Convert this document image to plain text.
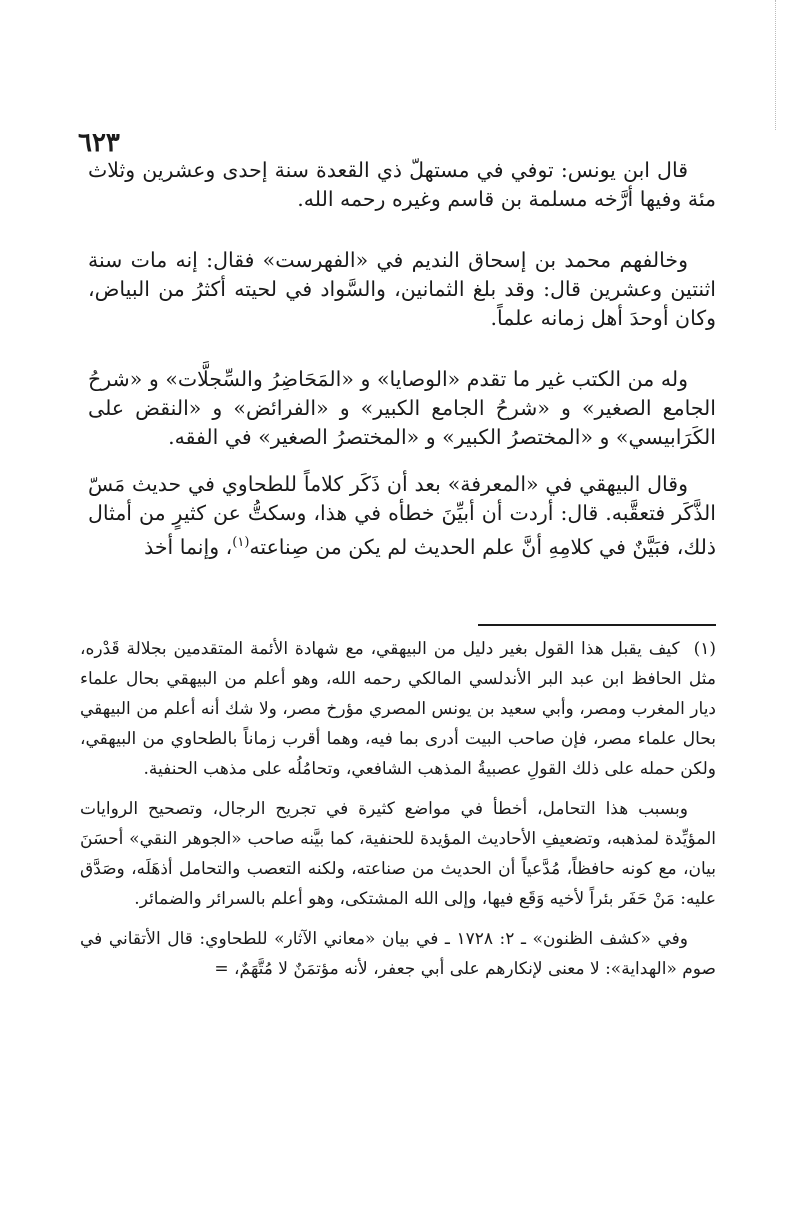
٦٢٣

قال ابن يونس: توفي في مستهلّ ذي القعدة سنة إحدى وعشرين وثلاث مئة وفيها أرَّخه مسلمة بن قاسم وغيره رحمه الله.

وخالفهم محمد بن إسحاق النديم في «الفهرست» فقال: إنه مات سنة اثنتين وعشرين قال: وقد بلغ الثمانين، والسَّواد في لحيته أكثرُ من البياض، وكان أوحدَ أهل زمانه علماً.

وله من الكتب غير ما تقدم «الوصايا» و «المَحَاضِرُ والسِّجلَّات» و «شرحُ الجامع الصغير» و «شرحُ الجامع الكبير» و «الفرائض» و «النقض على الكَرَابيسي» و «المختصرُ الكبير» و «المختصرُ الصغير» في الفقه.

وقال البيهقي في «المعرفة» بعد أن ذَكَر كلاماً للطحاوي في حديث مَسّ الذَّكَر فتعقَّبه. قال: أردت أن أبيِّنَ خطأه في هذا، وسكتُّ عن كثيرٍ من أمثال ذلك، فبَيَّنٌ في كلامِهِ أنَّ علم الحديث لم يكن من صِناعته$^{(١)}$، وإنما أخذ

(١)كيف يقبل هذا القول بغير دليل من البيهقي، مع شهادة الأئمة المتقدمين بجلالة قَدْره، مثل الحافظ ابن عبد البر الأندلسي المالكي رحمه الله، وهو أعلم من البيهقي بحال علماء ديار المغرب ومصر، وأبي سعيد بن يونس المصري مؤرخ مصر، ولا شك أنه أعلم من البيهقي بحال علماء مصر، فإن صاحب البيت أدرى بما فيه، وهما أقرب زماناً بالطحاوي من البيهقي، ولكن حمله على ذلك القولِ عصبيةُ المذهب الشافعي، وتحامُلُه على مذهب الحنفية.

وبسبب هذا التحامل، أخطأ في مواضع كثيرة في تجريح الرجال، وتصحيح الروايات المؤيِّدة لمذهبه، وتضعيفِ الأحاديث المؤيدة للحنفية، كما بيَّنه صاحب «الجوهر النقي» أحسَنَ بيان، مع كونه حافظاً، مُدَّعياً أن الحديث من صناعته، ولكنه التعصب والتحامل أذهَلَه، وصَدَّق عليه: مَنْ حَفَر بئراً لأخيه وَقَع فيها، وإلى الله المشتكى، وهو أعلم بالسرائر والضمائر.

وفي «كشف الظنون» ـ ٢: ١٧٢٨ ـ في بيان «معاني الآثار» للطحاوي: قال الأتقاني في صوم «الهداية»: لا معنى لإنكارهم على أبي جعفر، لأنه مؤتمَنٌ لا مُتَّهَمٌ، =
